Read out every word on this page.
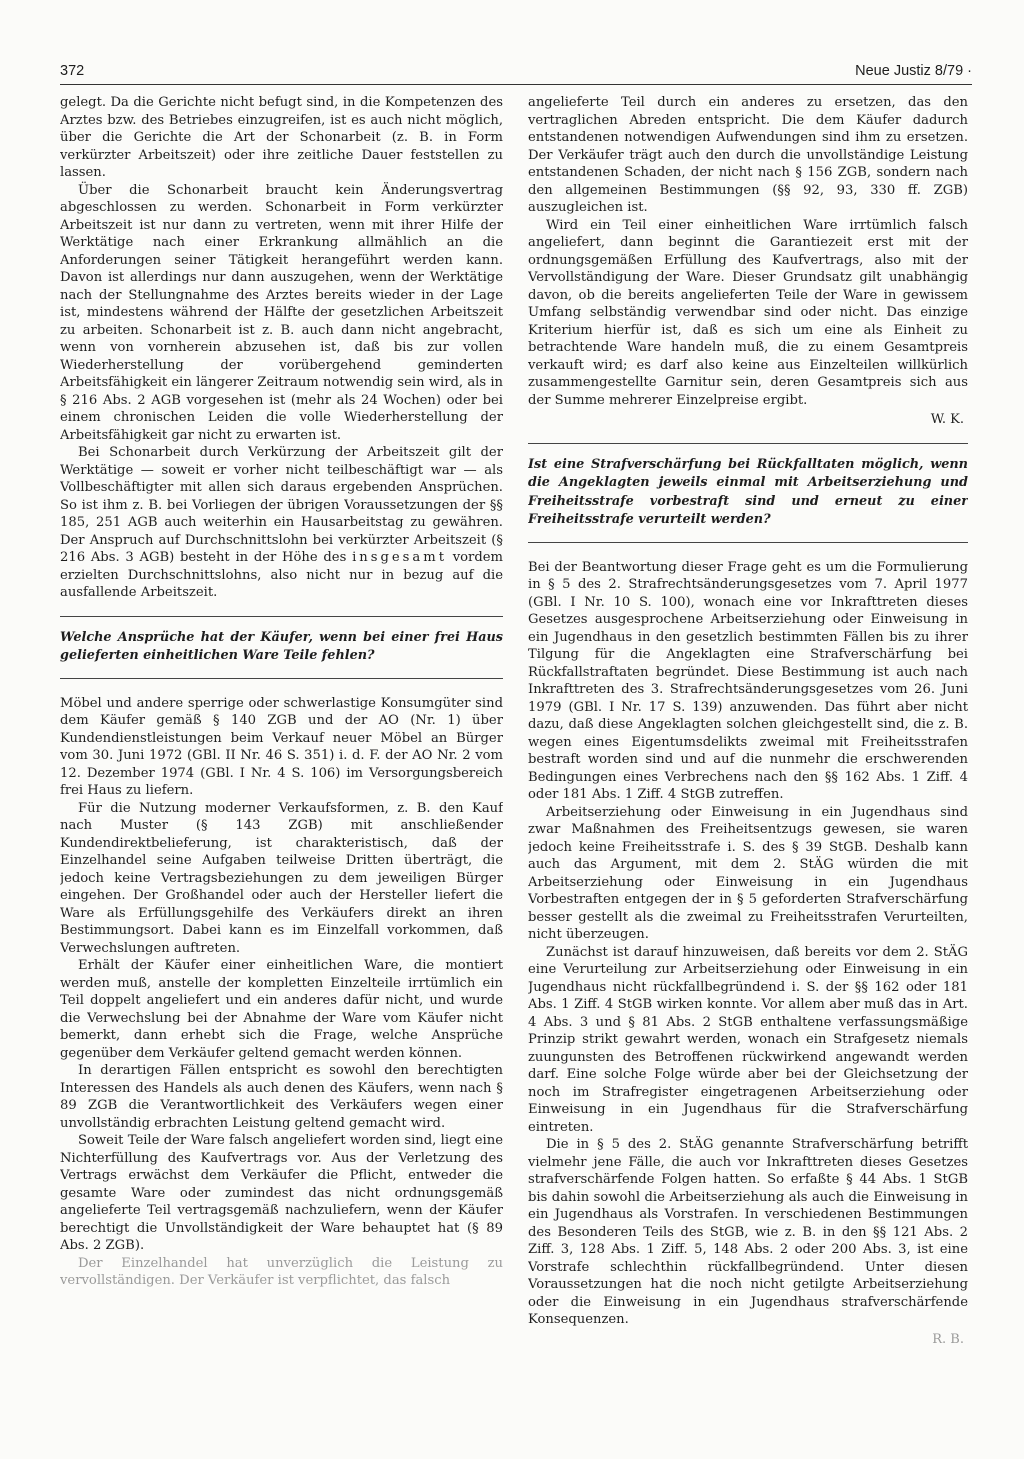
372	Neue Justiz 8/79 ·

gelegt. Da die Gerichte nicht befugt sind, in die Kompetenzen des Arztes bzw. des Betriebes einzugreifen, ist es auch nicht möglich, über die Gerichte die Art der Schonarbeit (z. B. in Form verkürzter Arbeitszeit) oder ihre zeitliche Dauer feststellen zu lassen.

Über die Schonarbeit braucht kein Änderungsvertrag abgeschlossen zu werden. Schonarbeit in Form verkürzter Arbeitszeit ist nur dann zu vertreten, wenn mit ihrer Hilfe der Werktätige nach einer Erkrankung allmählich an die Anforderungen seiner Tätigkeit herangeführt werden kann. Davon ist allerdings nur dann auszugehen, wenn der Werktätige nach der Stellungnahme des Arztes bereits wieder in der Lage ist, mindestens während der Hälfte der gesetzlichen Arbeitszeit zu arbeiten. Schonarbeit ist z. B. auch dann nicht angebracht, wenn von vornherein abzusehen ist, daß bis zur vollen Wiederherstellung der vorübergehend geminderten Arbeitsfähigkeit ein längerer Zeitraum notwendig sein wird, als in § 216 Abs. 2 AGB vorgesehen ist (mehr als 24 Wochen) oder bei einem chronischen Leiden die volle Wiederherstellung der Arbeitsfähigkeit gar nicht zu erwarten ist.

Bei Schonarbeit durch Verkürzung der Arbeitszeit gilt der Werktätige — soweit er vorher nicht teilbeschäftigt war — als Vollbeschäftigter mit allen sich daraus ergebenden Ansprüchen. So ist ihm z. B. bei Vorliegen der übrigen Voraussetzungen der §§ 185, 251 AGB auch weiterhin ein Hausarbeitstag zu gewähren. Der Anspruch auf Durchschnittslohn bei verkürzter Arbeitszeit (§ 216 Abs. 3 AGB) besteht in der Höhe des insgesamt vordem erzielten Durchschnittslohns, also nicht nur in bezug auf die ausfallende Arbeitszeit.

Welche Ansprüche hat der Käufer, wenn bei einer frei Haus gelieferten einheitlichen Ware Teile fehlen?

Möbel und andere sperrige oder schwerlastige Konsumgüter sind dem Käufer gemäß § 140 ZGB und der AO (Nr. 1) über Kundendienstleistungen beim Verkauf neuer Möbel an Bürger vom 30. Juni 1972 (GBl. II Nr. 46 S. 351) i. d. F. der AO Nr. 2 vom 12. Dezember 1974 (GBl. I Nr. 4 S. 106) im Versorgungsbereich frei Haus zu liefern.

Für die Nutzung moderner Verkaufsformen, z. B. den Kauf nach Muster (§ 143 ZGB) mit anschließender Kundendirektbelieferung, ist charakteristisch, daß der Einzelhandel seine Aufgaben teilweise Dritten überträgt, die jedoch keine Vertragsbeziehungen zu dem jeweiligen Bürger eingehen. Der Großhandel oder auch der Hersteller liefert die Ware als Erfüllungsgehilfe des Verkäufers direkt an ihren Bestimmungsort. Dabei kann es im Einzelfall vorkommen, daß Verwechslungen auftreten.

Erhält der Käufer einer einheitlichen Ware, die montiert werden muß, anstelle der kompletten Einzelteile irrtümlich ein Teil doppelt angeliefert und ein anderes dafür nicht, und wurde die Verwechslung bei der Abnahme der Ware vom Käufer nicht bemerkt, dann erhebt sich die Frage, welche Ansprüche gegenüber dem Verkäufer geltend gemacht werden können.

In derartigen Fällen entspricht es sowohl den berechtigten Interessen des Handels als auch denen des Käufers, wenn nach § 89 ZGB die Verantwortlichkeit des Verkäufers wegen einer unvollständig erbrachten Leistung geltend gemacht wird.

Soweit Teile der Ware falsch angeliefert worden sind, liegt eine Nichterfüllung des Kaufvertrags vor. Aus der Verletzung des Vertrags erwächst dem Verkäufer die Pflicht, entweder die gesamte Ware oder zumindest das nicht ordnungsgemäß angelieferte Teil vertragsgemäß nachzuliefern, wenn der Käufer berechtigt die Unvollständigkeit der Ware behauptet hat (§ 89 Abs. 2 ZGB).

Der Einzelhandel hat unverzüglich die Leistung zu vervollständigen. Der Verkäufer ist verpflichtet, das falsch

angelieferte Teil durch ein anderes zu ersetzen, das den vertraglichen Abreden entspricht. Die dem Käufer dadurch entstandenen notwendigen Aufwendungen sind ihm zu ersetzen. Der Verkäufer trägt auch den durch die unvollständige Leistung entstandenen Schaden, der nicht nach § 156 ZGB, sondern nach den allgemeinen Bestimmungen (§§ 92, 93, 330 ff. ZGB) auszugleichen ist.

Wird ein Teil einer einheitlichen Ware irrtümlich falsch angeliefert, dann beginnt die Garantiezeit erst mit der ordnungsgemäßen Erfüllung des Kaufvertrags, also mit der Vervollständigung der Ware. Dieser Grundsatz gilt unabhängig davon, ob die bereits angelieferten Teile der Ware in gewissem Umfang selbständig verwendbar sind oder nicht. Das einzige Kriterium hierfür ist, daß es sich um eine als Einheit zu betrachtende Ware handeln muß, die zu einem Gesamtpreis verkauft wird; es darf also keine aus Einzelteilen willkürlich zusammengestellte Garnitur sein, deren Gesamtpreis sich aus der Summe mehrerer Einzelpreise ergibt.

W. K.

Ist eine Strafverschärfung bei Rückfalltaten möglich, wenn die Angeklagten jeweils einmal mit Arbeitserziehung und Freiheitsstrafe vorbestraft sind und erneut zu einer Freiheitsstrafe verurteilt werden?

Bei der Beantwortung dieser Frage geht es um die Formulierung in § 5 des 2. Strafrechtsänderungsgesetzes vom 7. April 1977 (GBl. I Nr. 10 S. 100), wonach eine vor Inkrafttreten dieses Gesetzes ausgesprochene Arbeitserziehung oder Einweisung in ein Jugendhaus in den gesetzlich bestimmten Fällen bis zu ihrer Tilgung für die Angeklagten eine Strafverschärfung bei Rückfallstraftaten begründet. Diese Bestimmung ist auch nach Inkrafttreten des 3. Strafrechtsänderungsgesetzes vom 26. Juni 1979 (GBl. I Nr. 17 S. 139) anzuwenden. Das führt aber nicht dazu, daß diese Angeklagten solchen gleichgestellt sind, die z. B. wegen eines Eigentumsdelikts zweimal mit Freiheitsstrafen bestraft worden sind und auf die nunmehr die erschwerenden Bedingungen eines Verbrechens nach den §§ 162 Abs. 1 Ziff. 4 oder 181 Abs. 1 Ziff. 4 StGB zutreffen.

Arbeitserziehung oder Einweisung in ein Jugendhaus sind zwar Maßnahmen des Freiheitsentzugs gewesen, sie waren jedoch keine Freiheitsstrafe i. S. des § 39 StGB. Deshalb kann auch das Argument, mit dem 2. StÄG würden die mit Arbeitserziehung oder Einweisung in ein Jugendhaus Vorbestraften entgegen der in § 5 geforderten Strafverschärfung besser gestellt als die zweimal zu Freiheitsstrafen Verurteilten, nicht überzeugen.

Zunächst ist darauf hinzuweisen, daß bereits vor dem 2. StÄG eine Verurteilung zur Arbeitserziehung oder Einweisung in ein Jugendhaus nicht rückfallbegründend i. S. der §§ 162 oder 181 Abs. 1 Ziff. 4 StGB wirken konnte. Vor allem aber muß das in Art. 4 Abs. 3 und § 81 Abs. 2 StGB enthaltene verfassungsmäßige Prinzip strikt gewahrt werden, wonach ein Strafgesetz niemals zuungunsten des Betroffenen rückwirkend angewandt werden darf. Eine solche Folge würde aber bei der Gleichsetzung der noch im Strafregister eingetragenen Arbeitserziehung oder Einweisung in ein Jugendhaus für die Strafverschärfung eintreten.

Die in § 5 des 2. StÄG genannte Strafverschärfung betrifft vielmehr jene Fälle, die auch vor Inkrafttreten dieses Gesetzes strafverschärfende Folgen hatten. So erfaßte § 44 Abs. 1 StGB bis dahin sowohl die Arbeitserziehung als auch die Einweisung in ein Jugendhaus als Vorstrafen. In verschiedenen Bestimmungen des Besonderen Teils des StGB, wie z. B. in den §§ 121 Abs. 2 Ziff. 3, 128 Abs. 1 Ziff. 5, 148 Abs. 2 oder 200 Abs. 3, ist eine Vorstrafe schlechthin rückfallbegründend. Unter diesen Voraussetzungen hat die noch nicht getilgte Arbeitserziehung oder die Einweisung in ein Jugendhaus strafverschärfende Konsequenzen.

R. B.
